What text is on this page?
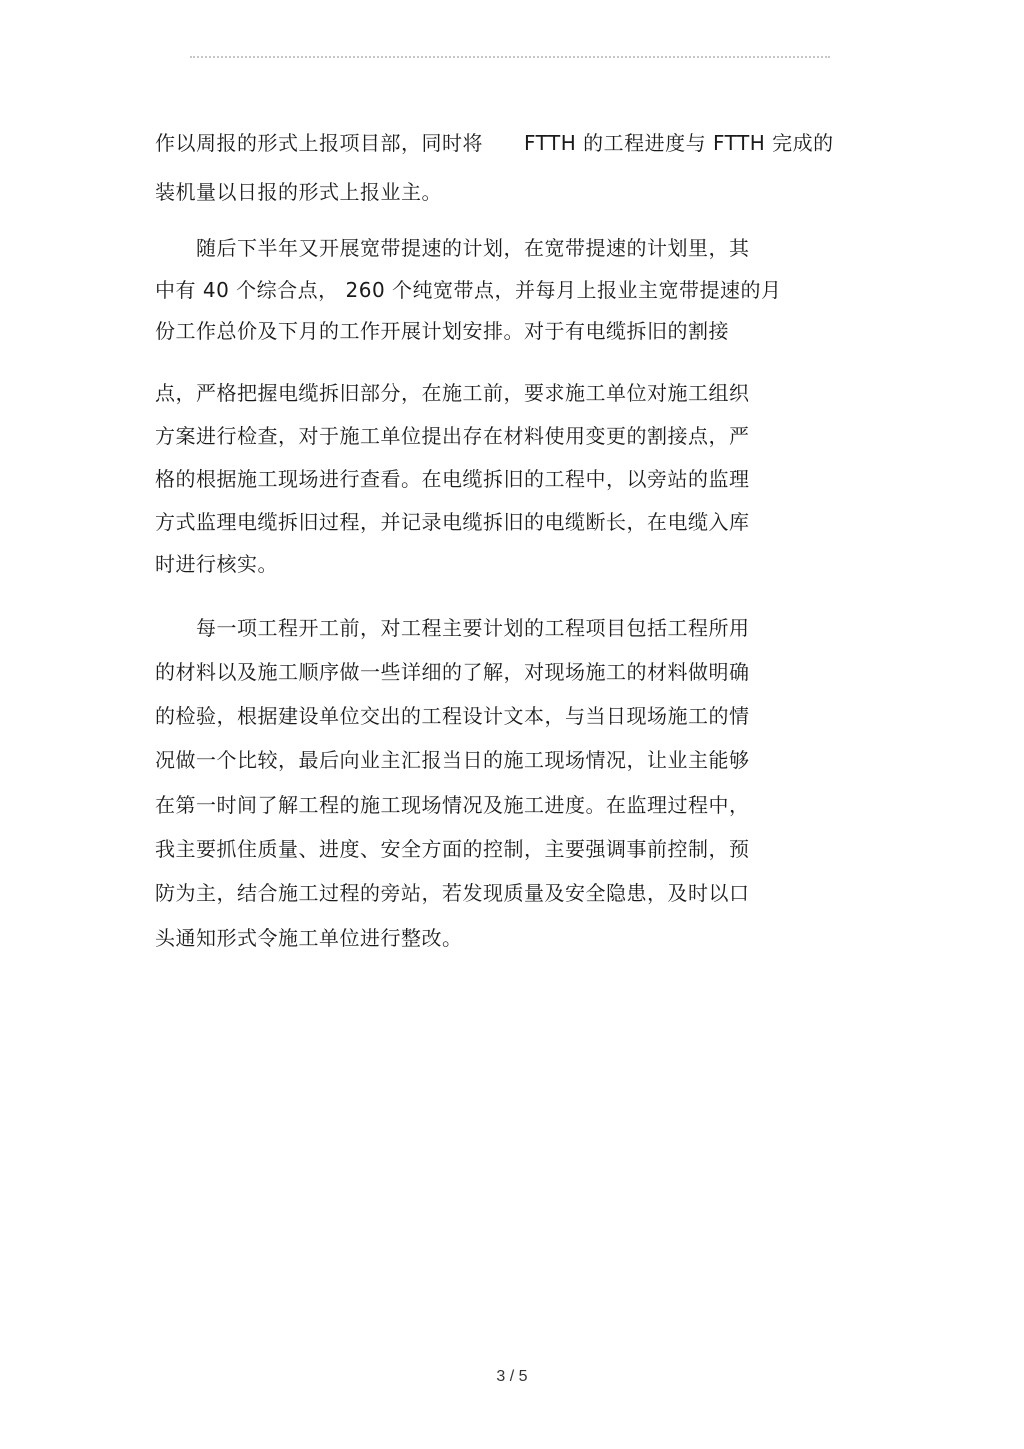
作以周报的形式上报项目部，同时将　　FTTH 的工程进度与 FTTH 完成的
装机量以日报的形式上报业主。
　　随后下半年又开展宽带提速的计划，在宽带提速的计划里，其
中有 40 个综合点， 260 个纯宽带点，并每月上报业主宽带提速的月
份工作总价及下月的工作开展计划安排。对于有电缆拆旧的割接
点，严格把握电缆拆旧部分，在施工前，要求施工单位对施工组织
方案进行检查，对于施工单位提出存在材料使用变更的割接点，严
格的根据施工现场进行查看。在电缆拆旧的工程中，以旁站的监理
方式监理电缆拆旧过程，并记录电缆拆旧的电缆断长，在电缆入库
时进行核实。
　　每一项工程开工前，对工程主要计划的工程项目包括工程所用
的材料以及施工顺序做一些详细的了解，对现场施工的材料做明确
的检验，根据建设单位交出的工程设计文本，与当日现场施工的情
况做一个比较，最后向业主汇报当日的施工现场情况，让业主能够
在第一时间了解工程的施工现场情况及施工进度。在监理过程中，
我主要抓住质量、进度、安全方面的控制，主要强调事前控制，预
防为主，结合施工过程的旁站，若发现质量及安全隐患，及时以口
头通知形式令施工单位进行整改。
3 / 5
